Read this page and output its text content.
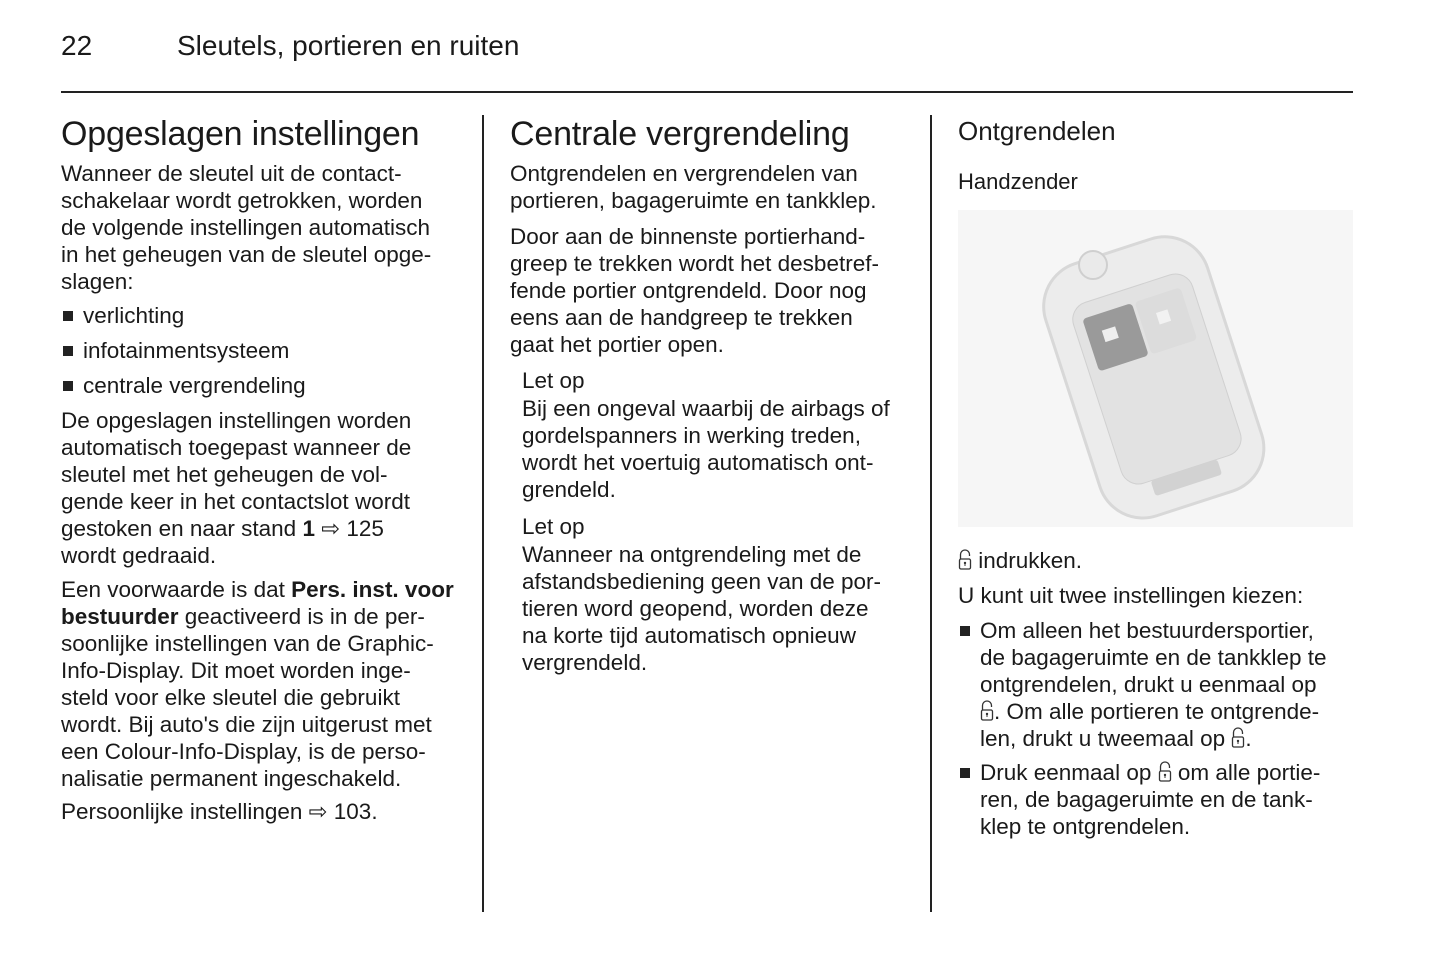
22	Sleutels, portieren en ruiten
Opgeslagen instellingen
Wanneer de sleutel uit de contact-
schakelaar wordt getrokken, worden
de volgende instellingen automatisch
in het geheugen van de sleutel opge-
slagen:
verlichting
infotainmentsysteem
centrale vergrendeling
De opgeslagen instellingen worden
automatisch toegepast wanneer de
sleutel met het geheugen de vol-
gende keer in het contactslot wordt
gestoken en naar stand 1 ⇨ 125
wordt gedraaid.
Een voorwaarde is dat Pers. inst. voor
bestuurder geactiveerd is in de per-
soonlijke instellingen van de Graphic-
Info-Display. Dit moet worden inge-
steld voor elke sleutel die gebruikt
wordt. Bij auto's die zijn uitgerust met
een Colour-Info-Display, is de perso-
nalisatie permanent ingeschakeld.
Persoonlijke instellingen ⇨ 103.
Centrale vergrendeling
Ontgrendelen en vergrendelen van
portieren, bagageruimte en tankklep.
Door aan de binnenste portierhand-
greep te trekken wordt het desbetref-
fende portier ontgrendeld. Door nog
eens aan de handgreep te trekken
gaat het portier open.
Let op
Bij een ongeval waarbij de airbags of
gordelspanners in werking treden,
wordt het voertuig automatisch ont-
grendeld.
Let op
Wanneer na ontgrendeling met de
afstandsbediening geen van de por-
tieren word geopend, worden deze
na korte tijd automatisch opnieuw
vergrendeld.
Ontgrendelen
Handzender
indrukken.
U kunt uit twee instellingen kiezen:
Om alleen het bestuurdersportier,
de bagageruimte en de tankklep te
ontgrendelen, drukt u eenmaal op
. Om alle portieren te ontgrende-
len, drukt u tweemaal op .
Druk eenmaal op  om alle portie-
ren, de bagageruimte en de tank-
klep te ontgrendelen.
